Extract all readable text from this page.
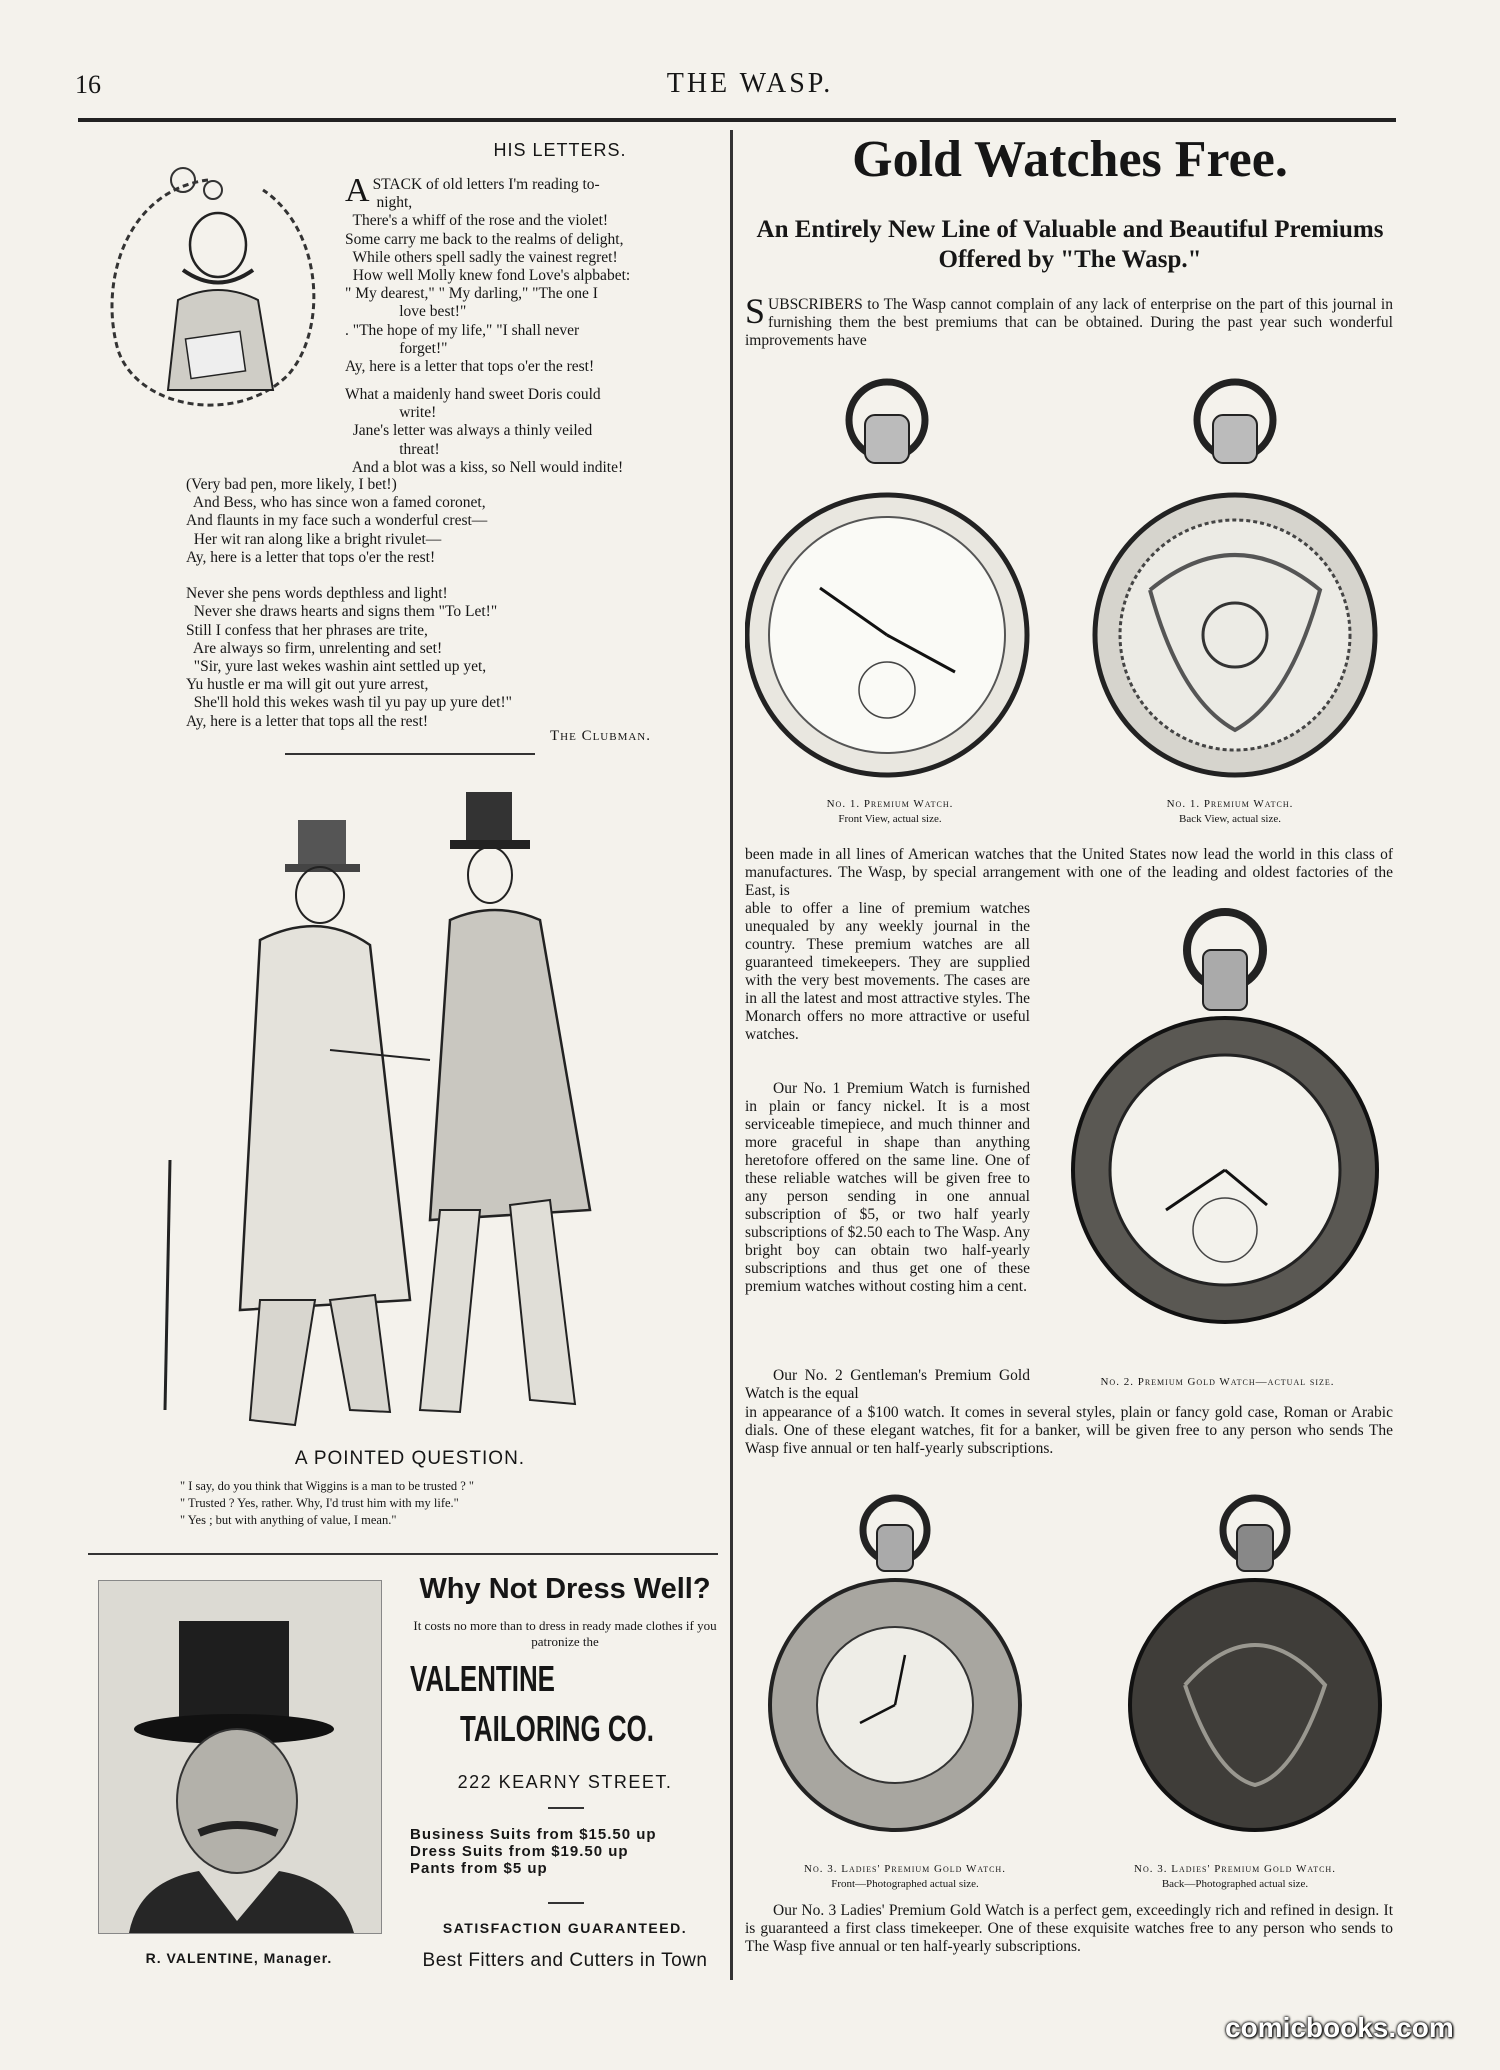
16	THE WASP.
HIS LETTERS.
ASTACK of old letters I'm reading to-
night,
There's a whiff of the rose and the violet!
Some carry me back to the realms of delight,
While others spell sadly the vainest regret!
How well Molly knew fond Love's alpbabet:
" My dearest," " My darling," "The one I
love best!"
. "The hope of my life," "I shall never
forget!"
Ay, here is a letter that tops o'er the rest!
What a maidenly hand sweet Doris could
write!
Jane's letter was always a thinly veiled
threat!
And a blot was a kiss, so Nell would indite!
(Very bad pen, more likely, I bet!)
And Bess, who has since won a famed coronet,
And flaunts in my face such a wonderful crest—
Her wit ran along like a bright rivulet—
Ay, here is a letter that tops o'er the rest!

Never she pens words depthless and light!
Never she draws hearts and signs them "To Let!"
Still I confess that her phrases are trite,
Are always so firm, unrelenting and set!
"Sir, yure last wekes washin aint settled up yet,
Yu hustle er ma will git out yure arrest,
She'll hold this wekes wash til yu pay up yure det!"
Ay, here is a letter that tops all the rest!
The Clubman.
A POINTED QUESTION.
" I say, do you think that Wiggins is a man to be trusted ? "
" Trusted ? Yes, rather. Why, I'd trust him with my life."
" Yes ; but with anything of value, I mean."
R. VALENTINE, Manager.
Why Not Dress Well?
It costs no more than to dress in ready made clothes if you patronize the
VALENTINE
TAILORING CO.
222 KEARNY STREET.
Business Suits from $15.50 up
Dress Suits from $19.50 up
Pants from $5 up
SATISFACTION GUARANTEED.
Best Fitters and Cutters in Town
Gold Watches Free.
An Entirely New Line of Valuable and Beautiful Premiums Offered by "The Wasp."
SUBSCRIBERS to The Wasp cannot complain of any lack of enterprise on the part of this journal in furnishing them the best premiums that can be obtained. During the past year such wonderful improvements have
No. 1. Premium Watch.
Front View, actual size.
No. 1. Premium Watch.
Back View, actual size.
been made in all lines of American watches that the United States now lead the world in this class of manufactures. The Wasp, by special arrangement with one of the leading and oldest factories of the East, is
able to offer a line of premium watches unequaled by any weekly journal in the country. These premium watches are all guaranteed timekeepers. They are supplied with the very best movements. The cases are in all the latest and most attractive styles. The Monarch offers no more attractive or useful watches.
Our No. 1 Premium Watch is furnished in plain or fancy nickel. It is a most serviceable timepiece, and much thinner and more graceful in shape than anything heretofore offered on the same line. One of these reliable watches will be given free to any person sending in one annual subscription of $5, or two half yearly subscriptions of $2.50 each to The Wasp. Any bright boy can obtain two half-yearly subscriptions and thus get one of these premium watches without costing him a cent.
Our No. 2 Gentleman's Premium Gold Watch is the equal
in appearance of a $100 watch. It comes in several styles, plain or fancy gold case, Roman or Arabic dials. One of these elegant watches, fit for a banker, will be given free to any person who sends The Wasp five annual or ten half-yearly subscriptions.
No. 2. Premium Gold Watch—actual size.
No. 3. Ladies' Premium Gold Watch.
Front—Photographed actual size.
No. 3. Ladies' Premium Gold Watch.
Back—Photographed actual size.
Our No. 3 Ladies' Premium Gold Watch is a perfect gem, exceedingly rich and refined in design. It is guaranteed a first class timekeeper. One of these exquisite watches free to any person who sends to The Wasp five annual or ten half-yearly subscriptions.
comicbooks.com
